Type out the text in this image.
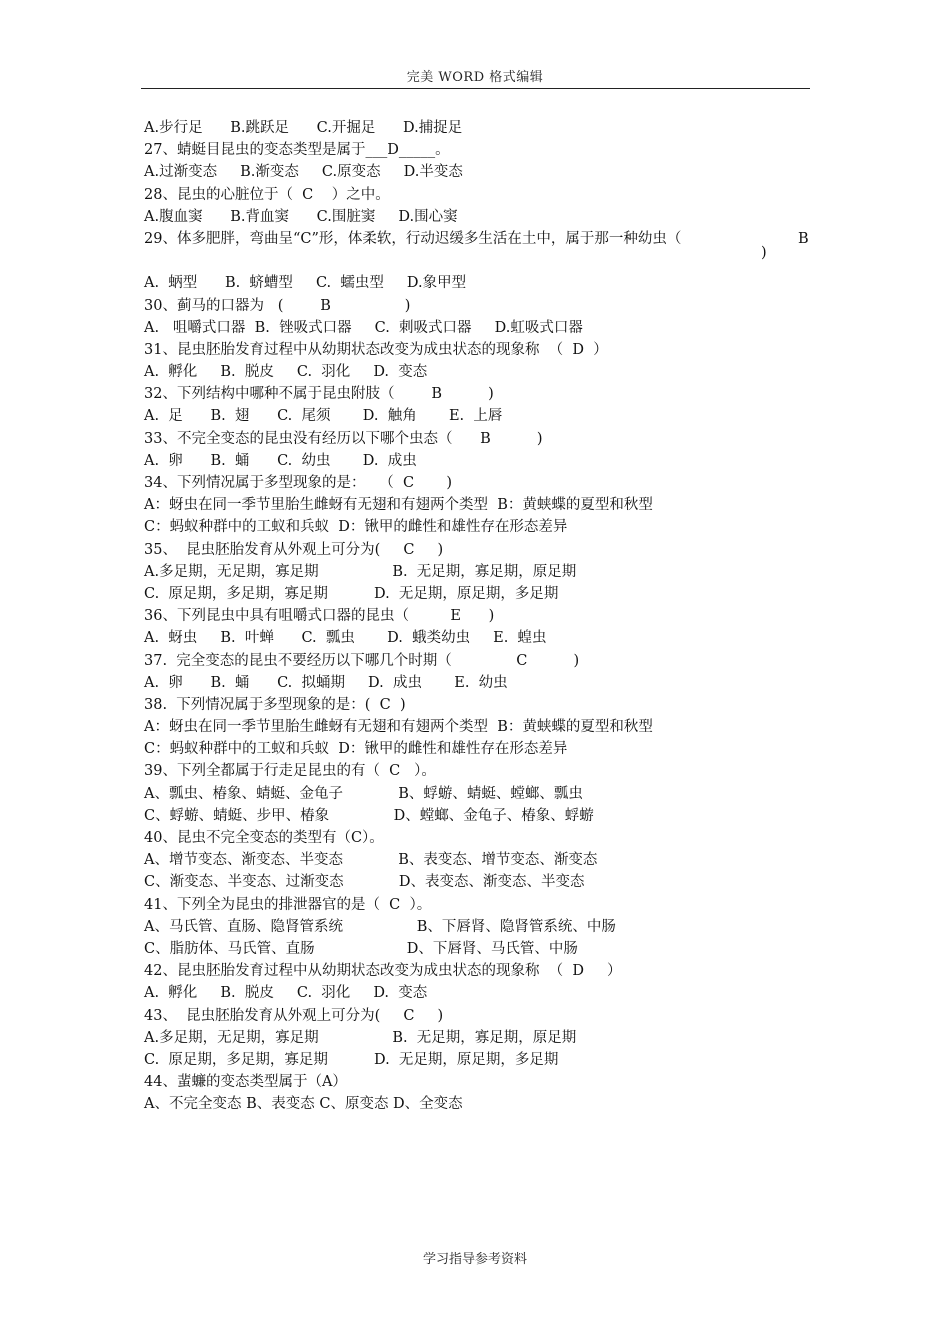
完美 WORD 格式编辑
A.步行足      B.跳跃足      C.开掘足      D.捕捉足
27、蜻蜓目昆虫的变态类型是属于___D_____。
A.过渐变态     B.渐变态     C.原变态     D.半变态
28、昆虫的心脏位于（  C    ）之中。
A.腹血窦      B.背血窦      C.围脏窦     D.围心窦

29、体多肥胖，弯曲呈“C”形，体柔软，行动迟缓多生活在土中，属于那一种幼虫（

	B

)

A.  蛃型      B.  蛴螬型     C.  蠕虫型     D.象甲型
30、蓟马的口器为   (        B                )
A.   咀嚼式口器  B.  锉吸式口器     C.  刺吸式口器     D.虹吸式口器
31、昆虫胚胎发育过程中从幼期状态改变为成虫状态的现象称  （  D  ）
A.  孵化     B.  脱皮     C.  羽化     D.  变态
32、下列结构中哪种不属于昆虫附肢（        B          )
A.  足      B.  翅      C.  尾须       D.  触角       E.  上唇
33、不完全变态的昆虫没有经历以下哪个虫态（      B          )
A.  卵      B.  蛹      C.  幼虫       D.  成虫
34、下列情况属于多型现象的是：   （  C       )
A：蚜虫在同一季节里胎生雌蚜有无翅和有翅两个类型  B：黄蛱蝶的夏型和秋型
C：蚂蚁种群中的工蚁和兵蚁  D：锹甲的雌性和雄性存在形态差异
35、  昆虫胚胎发育从外观上可分为(     C     )
A.多足期，无足期，寡足期                B.  无足期，寡足期，原足期
C.  原足期，多足期，寡足期          D.  无足期，原足期，多足期
36、下列昆虫中具有咀嚼式口器的昆虫（         E      )
A.  蚜虫     B.  叶蝉      C.  瓢虫       D.  蛾类幼虫     E.  蝗虫
37.  完全变态的昆虫不要经历以下哪几个时期（              C          )
A.  卵      B.  蛹      C.  拟蛹期     D.  成虫       E.  幼虫
38.  下列情况属于多型现象的是：(  C  )
A：蚜虫在同一季节里胎生雌蚜有无翅和有翅两个类型  B：黄蛱蝶的夏型和秋型
C：蚂蚁种群中的工蚁和兵蚁  D：锹甲的雌性和雄性存在形态差异
39、下列全都属于行走足昆虫的有（  C   ）。
A、瓢虫、椿象、蜻蜓、金龟子            B、蜉蝣、蜻蜓、螳螂、瓢虫
C、蜉蝣、蜻蜓、步甲、椿象              D、螳螂、金龟子、椿象、蜉蝣
40、昆虫不完全变态的类型有（C）。
A、增节变态、渐变态、半变态            B、表变态、增节变态、渐变态
C、渐变态、半变态、过渐变态            D、表变态、渐变态、半变态
41、下列全为昆虫的排泄器官的是（  C  ）。
A、马氏管、直肠、隐肾管系统                B、下唇肾、隐肾管系统、中肠
C、脂肪体、马氏管、直肠                    D、下唇肾、马氏管、中肠
42、昆虫胚胎发育过程中从幼期状态改变为成虫状态的现象称  （  D     ）
A.  孵化     B.  脱皮     C.  羽化     D.  变态
43、  昆虫胚胎发育从外观上可分为(     C     )
A.多足期，无足期，寡足期                B.  无足期，寡足期，原足期
C.  原足期，多足期，寡足期          D.  无足期，原足期，多足期
44、蜚蠊的变态类型属于（A）
A、不完全变态 B、表变态 C、原变态 D、全变态
学习指导参考资料
